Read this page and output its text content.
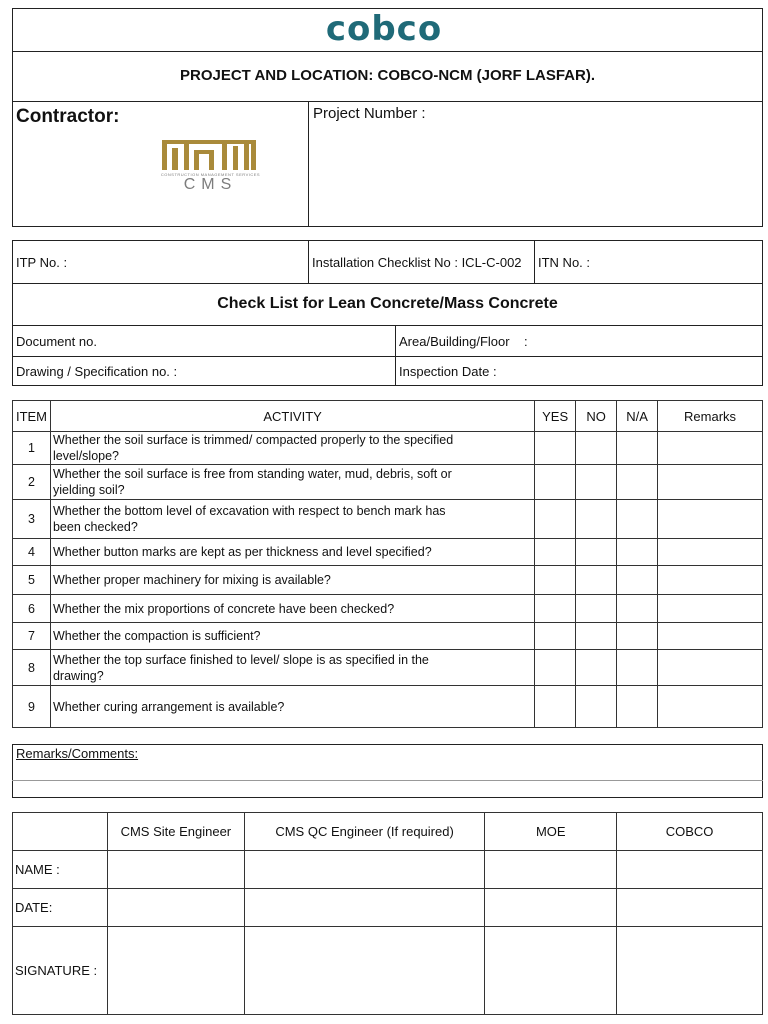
cobco
PROJECT AND LOCATION: COBCO-NCM (JORF LASFAR).
Contractor:
CONSTRUCTION MANAGEMENT SERVICES
CMS
Project Number :
ITP No. :	Installation Checklist No : ICL-C-002 ITN No. :
Check List for Lean Concrete/Mass Concrete
Document no.	Area/Building/Floor    :
Drawing / Specification no. :	Inspection Date :
ITEM	ACTIVITY	YES	NO	N/A	Remarks
1	Whether the soil surface is trimmed/ compacted properly to the specified
level/slope?				

2	Whether the soil surface is free from standing water, mud, debris, soft or
yielding soil?				

3	Whether the bottom level of excavation with respect to bench mark has
been checked?				

4	Whether button marks are kept as per thickness and level specified?				
5	Whether proper machinery for mixing is available?				
6	Whether the mix proportions of concrete have been checked?				
7	Whether the compaction is sufficient?				
8	Whether the top surface finished to level/ slope is as specified in the
drawing?				

9	Whether curing arrangement is available?				
Remarks/Comments:
	CMS Site Engineer	CMS QC Engineer (If required)	MOE	COBCO
NAME :				
DATE:				
SIGNATURE :				
